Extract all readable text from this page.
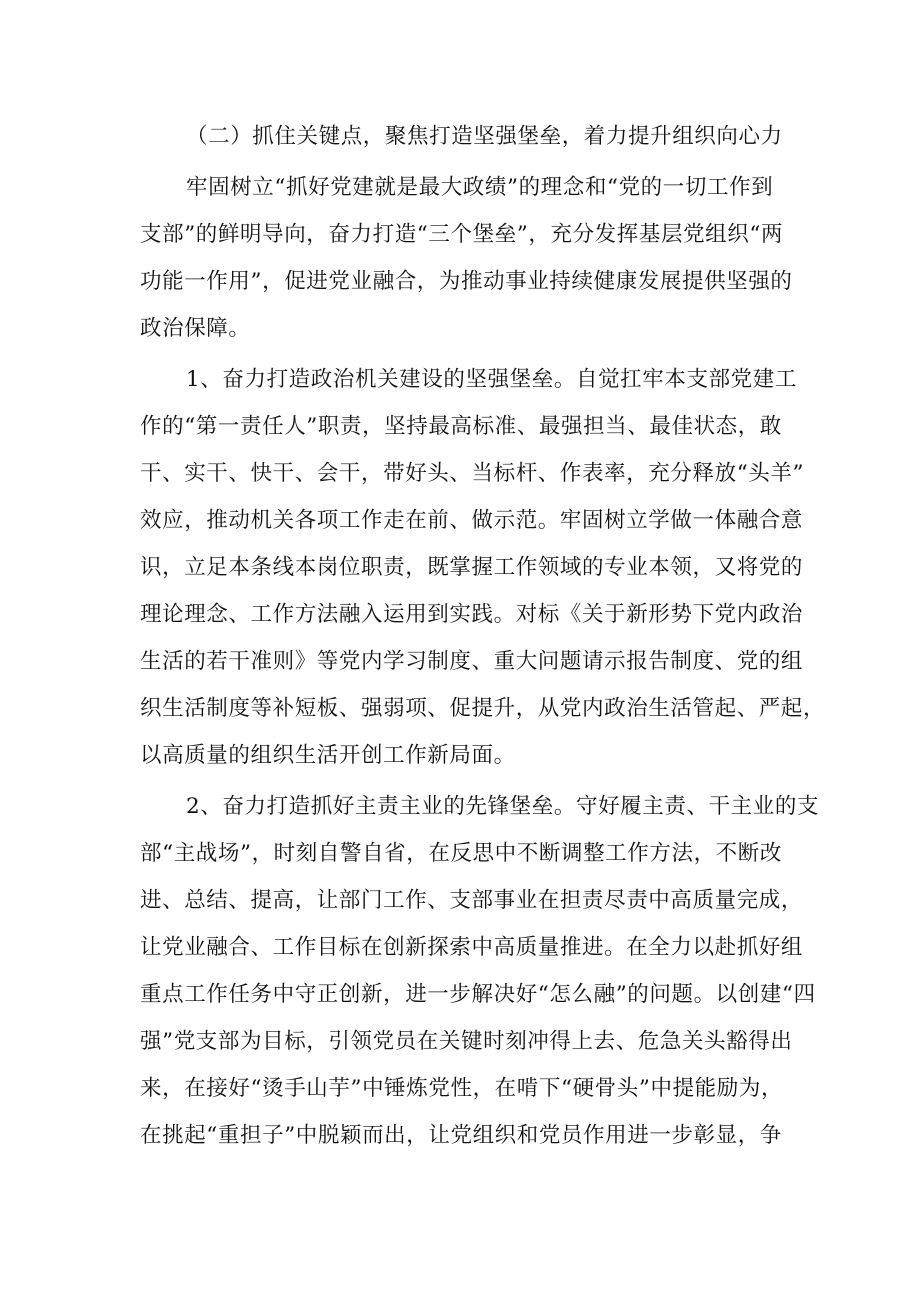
（二）抓住关键点，聚焦打造坚强堡垒，着力提升组织向心力
牢固树立“抓好党建就是最大政绩”的理念和“党的一切工作到
支部”的鲜明导向，奋力打造“三个堡垒”，充分发挥基层党组织“两
功能一作用”，促进党业融合，为推动事业持续健康发展提供坚强的
政治保障。
1、奋力打造政治机关建设的坚强堡垒。自觉扛牢本支部党建工
作的“第一责任人”职责，坚持最高标准、最强担当、最佳状态，敢
干、实干、快干、会干，带好头、当标杆、作表率，充分释放“头羊”
效应，推动机关各项工作走在前、做示范。牢固树立学做一体融合意
识，立足本条线本岗位职责，既掌握工作领域的专业本领，又将党的
理论理念、工作方法融入运用到实践。对标《关于新形势下党内政治
生活的若干准则》等党内学习制度、重大问题请示报告制度、党的组
织生活制度等补短板、强弱项、促提升，从党内政治生活管起、严起，
以高质量的组织生活开创工作新局面。
2、奋力打造抓好主责主业的先锋堡垒。守好履主责、干主业的支
部“主战场”，时刻自警自省，在反思中不断调整工作方法，不断改
进、总结、提高，让部门工作、支部事业在担责尽责中高质量完成，
让党业融合、工作目标在创新探索中高质量推进。在全力以赴抓好组
重点工作任务中守正创新，进一步解决好“怎么融”的问题。以创建“四
强”党支部为目标，引领党员在关键时刻冲得上去、危急关头豁得出
来，在接好“烫手山芋”中锤炼党性，在啃下“硬骨头”中提能励为，
在挑起“重担子”中脱颖而出，让党组织和党员作用进一步彰显，争
